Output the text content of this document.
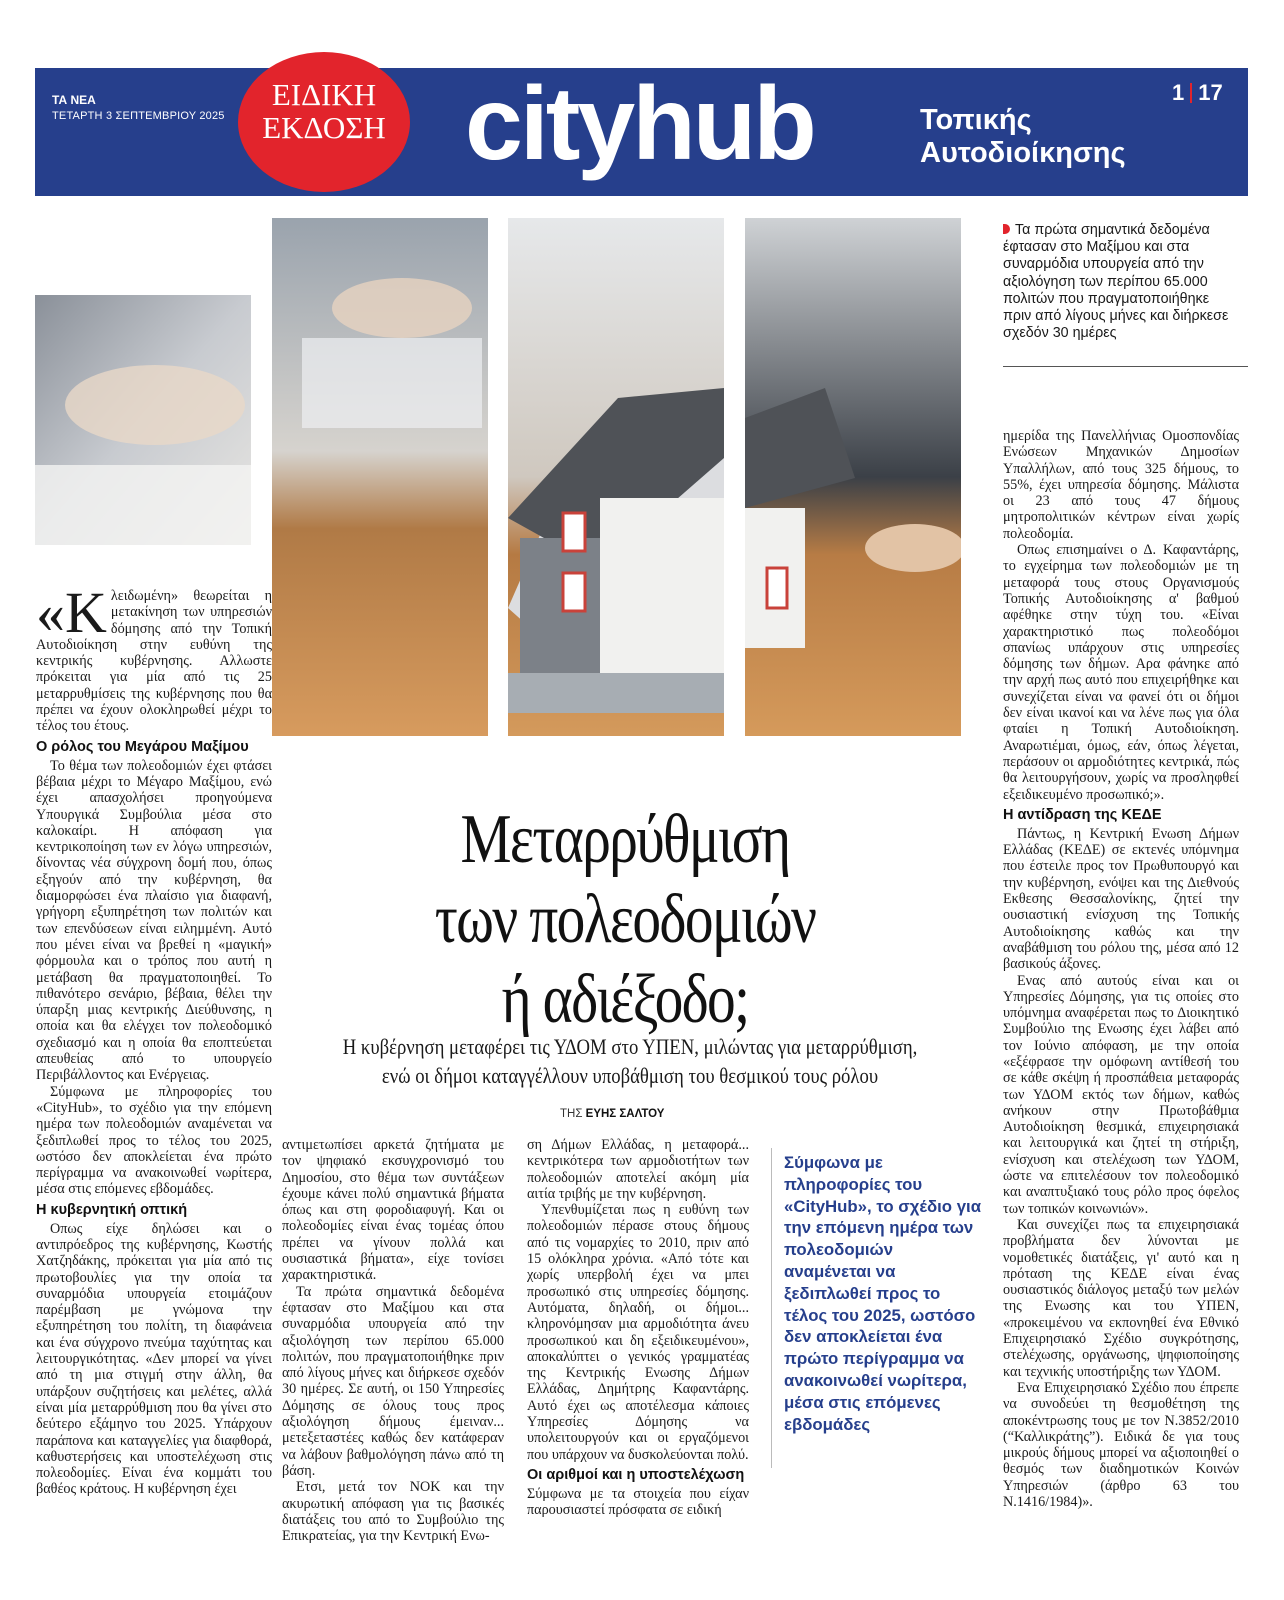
ΤΑ ΝΕΑ
ΤΕΤΑΡΤΗ 3 ΣΕΠΤΕΜΒΡΙΟΥ 2025
ΕΙΔΙΚΗ
ΕΚΔΟΣΗ cityhub	Τοπικής
Αυτοδιοίκησης
1 17
Τα πρώτα σημαντικά δεδομένα έφτασαν στο Μαξίμου και στα συναρμόδια υπουργεία από την αξιολόγηση των περίπου 65.000 πολιτών που πραγματοποιήθηκε πριν από λίγους μήνες και διήρκεσε σχεδόν 30 ημέρες
Μεταρρύθμιση
των πολεοδομιών
ή αδιέξοδο;
Η κυβέρνηση μεταφέρει τις ΥΔΟΜ στο ΥΠΕΝ, μιλώντας για μεταρρύθμιση,
ενώ οι δήμοι καταγγέλλουν υποβάθμιση του θεσμικού τους ρόλου
ΤΗΣ ΕΥΗΣ ΣΑΛΤΟΥ

«Κ λειδωμένη» θεωρείται η μετακίνηση των υπηρεσιών δόμησης από την Τοπική Αυτοδιοίκηση στην ευθύνη της κεντρικής κυβέρνησης. Αλλωστε πρόκειται για μία από τις 25 μεταρρυθμίσεις της κυβέρνησης που θα πρέπει να έχουν ολοκληρωθεί μέχρι το τέλος του έτους.

Ο ρόλος του Μεγάρου Μαξίμου

Το θέμα των πολεοδομιών έχει φτάσει βέβαια μέχρι το Μέγαρο Μαξίμου, ενώ έχει απασχολήσει προηγούμενα Υπουργικά Συμβούλια μέσα στο καλοκαίρι. Η απόφαση για κεντρικοποίηση των εν λόγω υπηρεσιών, δίνοντας νέα σύγχρονη δομή που, όπως εξηγούν από την κυβέρνηση, θα διαμορφώσει ένα πλαίσιο για διαφανή, γρήγορη εξυπηρέτηση των πολιτών και των επενδύσεων είναι ειλημμένη. Αυτό που μένει είναι να βρεθεί η «μαγική» φόρμουλα και ο τρόπος που αυτή η μετάβαση θα πραγματοποιηθεί. Το πιθανότερο σενάριο, βέβαια, θέλει την ύπαρξη μιας κεντρικής Διεύθυνσης, η οποία και θα ελέγχει τον πολεοδομικό σχεδιασμό και η οποία θα εποπτεύεται απευθείας από το υπουργείο Περιβάλλοντος και Ενέργειας.

Σύμφωνα με πληροφορίες του «CityHub», το σχέδιο για την επόμενη ημέρα των πολεοδομιών αναμένεται να ξεδιπλωθεί προς το τέλος του 2025, ωστόσο δεν αποκλείεται ένα πρώτο περίγραμμα να ανακοινωθεί νωρίτερα, μέσα στις επόμενες εβδομάδες.

Η κυβερνητική οπτική

Οπως είχε δηλώσει και ο αντιπρόεδρος της κυβέρνησης, Κωστής Χατζηδάκης, πρόκειται για μία από τις πρωτοβουλίες για την οποία τα συναρμόδια υπουργεία ετοιμάζουν παρέμβαση με γνώμονα την εξυπηρέτηση του πολίτη, τη διαφάνεια και ένα σύγχρονο πνεύμα ταχύτητας και λειτουργικότητας. «Δεν μπορεί να γίνει από τη μια στιγμή στην άλλη, θα υπάρξουν συζητήσεις και μελέτες, αλλά είναι μία μεταρρύθμιση που θα γίνει στο δεύτερο εξάμηνο του 2025. Υπάρχουν παράπονα και καταγγελίες για διαφθορά, καθυστερήσεις και υποστελέχωση στις πολεοδομίες. Είναι ένα κομμάτι του βαθέος κράτους. Η κυβέρνηση έχει

αντιμετωπίσει αρκετά ζητήματα με τον ψηφιακό εκσυγχρονισμό του Δημοσίου, στο θέμα των συντάξεων έχουμε κάνει πολύ σημαντικά βήματα όπως και στη φοροδιαφυγή. Και οι πολεοδομίες είναι ένας τομέας όπου πρέπει να γίνουν πολλά και ουσιαστικά βήματα», είχε τονίσει χαρακτηριστικά.

Τα πρώτα σημαντικά δεδομένα έφτασαν στο Μαξίμου και στα συναρμόδια υπουργεία από την αξιολόγηση των περίπου 65.000 πολιτών, που πραγματοποιήθηκε πριν από λίγους μήνες και διήρκεσε σχεδόν 30 ημέρες. Σε αυτή, οι 150 Υπηρεσίες Δόμησης σε όλους τους προς αξιολόγηση δήμους έμειναν... μετεξεταστέες καθώς δεν κατάφεραν να λάβουν βαθμολόγηση πάνω από τη βάση.

Ετσι, μετά τον ΝΟΚ και την ακυρωτική απόφαση για τις βασικές διατάξεις του από το Συμβούλιο της Επικρατείας, για την Κεντρική Ενω-

ση Δήμων Ελλάδας, η μεταφορά... κεντρικότερα των αρμοδιοτήτων των πολεοδομιών αποτελεί ακόμη μία αιτία τριβής με την κυβέρνηση.

Υπενθυμίζεται πως η ευθύνη των πολεοδομιών πέρασε στους δήμους από τις νομαρχίες το 2010, πριν από 15 ολόκληρα χρόνια. «Από τότε και χωρίς υπερβολή έχει να μπει προσωπικό στις υπηρεσίες δόμησης. Αυτόματα, δηλαδή, οι δήμοι... κληρονόμησαν μια αρμοδιότητα άνευ προσωπικού και δη εξειδικευμένου», αποκαλύπτει ο γενικός γραμματέας της Κεντρικής Ενωσης Δήμων Ελλάδας, Δημήτρης Καφαντάρης. Αυτό έχει ως αποτέλεσμα κάποιες Υπηρεσίες Δόμησης να υπολειτουργούν και οι εργαζόμενοι που υπάρχουν να δυσκολεύονται πολύ.

Οι αριθμοί και η υποστελέχωση

Σύμφωνα με τα στοιχεία που είχαν παρουσιαστεί πρόσφατα σε ειδική

Σύμφωνα με πληροφορίες του «CityHub», το σχέδιο για την επόμενη ημέρα των πολεοδομιών αναμένεται να ξεδιπλωθεί προς το τέλος του 2025, ωστόσο δεν αποκλείεται ένα πρώτο περίγραμμα να ανακοινωθεί νωρίτερα, μέσα στις επόμενες εβδομάδες

ημερίδα της Πανελλήνιας Ομοσπονδίας Ενώσεων Μηχανικών Δημοσίων Υπαλλήλων, από τους 325 δήμους, το 55%, έχει υπηρεσία δόμησης. Μάλιστα οι 23 από τους 47 δήμους μητροπολιτικών κέντρων είναι χωρίς πολεοδομία.

Οπως επισημαίνει ο Δ. Καφαντάρης, το εγχείρημα των πολεοδομιών με τη μεταφορά τους στους Οργανισμούς Τοπικής Αυτοδιοίκησης α' βαθμού αφέθηκε στην τύχη του. «Είναι χαρακτηριστικό πως πολεοδόμοι σπανίως υπάρχουν στις υπηρεσίες δόμησης των δήμων. Αρα φάνηκε από την αρχή πως αυτό που επιχειρήθηκε και συνεχίζεται είναι να φανεί ότι οι δήμοι δεν είναι ικανοί και να λένε πως για όλα φταίει η Τοπική Αυτοδιοίκηση. Αναρωτιέμαι, όμως, εάν, όπως λέγεται, περάσουν οι αρμοδιότητες κεντρικά, πώς θα λειτουργήσουν, χωρίς να προσληφθεί εξειδικευμένο προσωπικό;».

Η αντίδραση της ΚΕΔΕ

Πάντως, η Κεντρική Ενωση Δήμων Ελλάδας (ΚΕΔΕ) σε εκτενές υπόμνημα που έστειλε προς τον Πρωθυπουργό και την κυβέρνηση, ενόψει και της Διεθνούς Εκθεσης Θεσσαλονίκης, ζητεί την ουσιαστική ενίσχυση της Τοπικής Αυτοδιοίκησης καθώς και την αναβάθμιση του ρόλου της, μέσα από 12 βασικούς άξονες.

Ενας από αυτούς είναι και οι Υπηρεσίες Δόμησης, για τις οποίες στο υπόμνημα αναφέρεται πως το Διοικητικό Συμβούλιο της Ενωσης έχει λάβει από τον Ιούνιο απόφαση, με την οποία «εξέφρασε την ομόφωνη αντίθεσή του σε κάθε σκέψη ή προσπάθεια μεταφοράς των ΥΔΟΜ εκτός των δήμων, καθώς ανήκουν στην Πρωτοβάθμια Αυτοδιοίκηση θεσμικά, επιχειρησιακά και λειτουργικά και ζητεί τη στήριξη, ενίσχυση και στελέχωση των ΥΔΟΜ, ώστε να επιτελέσουν τον πολεοδομικό και αναπτυξιακό τους ρόλο προς όφελος των τοπικών κοινωνιών».

Και συνεχίζει πως τα επιχειρησιακά προβλήματα δεν λύνονται με νομοθετικές διατάξεις, γι' αυτό και η πρόταση της ΚΕΔΕ είναι ένας ουσιαστικός διάλογος μεταξύ των μελών της Ενωσης και του ΥΠΕΝ, «προκειμένου να εκπονηθεί ένα Εθνικό Επιχειρησιακό Σχέδιο συγκρότησης, στελέχωσης, οργάνωσης, ψηφιοποίησης και τεχνικής υποστήριξης των ΥΔΟΜ.

Ενα Επιχειρησιακό Σχέδιο που έπρεπε να συνοδεύει τη θεσμοθέτηση της αποκέντρωσης τους με τον Ν.3852/2010 (“Καλλικράτης”). Ειδικά δε για τους μικρούς δήμους μπορεί να αξιοποιηθεί ο θεσμός των διαδημοτικών Κοινών Υπηρεσιών (άρθρο 63 του Ν.1416/1984)».
